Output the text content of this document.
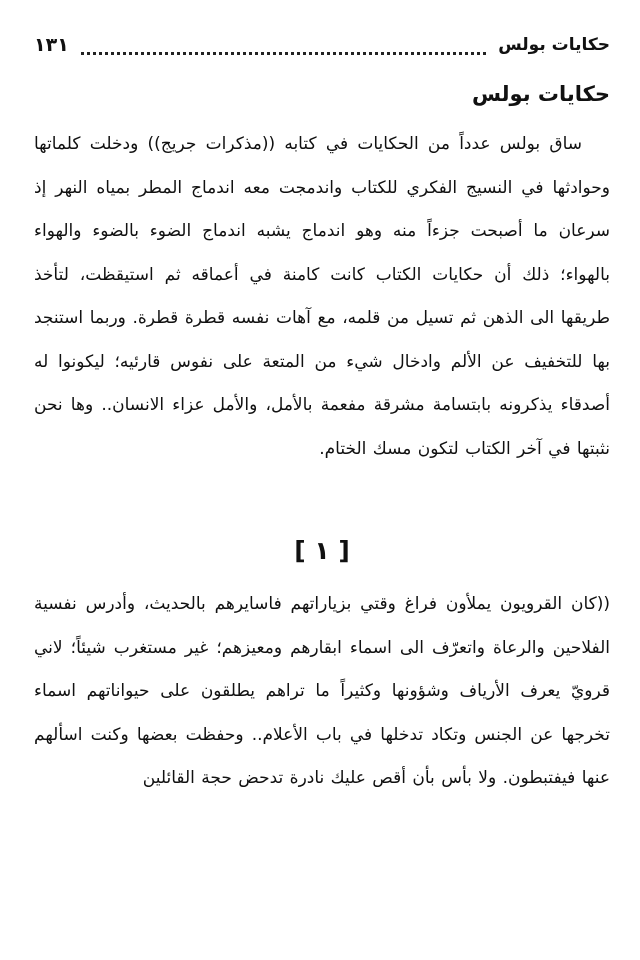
حكايات بولس
١٣١
حكايات بولس

ساق بولس عدداً من الحكايات في كتابه ((مذكرات جريج)) ودخلت كلماتها وحوادثها في النسيج الفكري للكتاب واندمجت معه اندماج المطر بمياه النهر إذ سرعان ما أصبحت جزءاً منه وهو اندماج يشبه اندماج الضوء بالضوء والهواء بالهواء؛ ذلك أن حكايات الكتاب كانت كامنة في أعماقه ثم استيقظت، لتأخذ طريقها الى الذهن ثم تسيل من قلمه، مع آهات نفسه قطرة قطرة. وربما استنجد بها للتخفيف عن الألم وادخال شيء من المتعة على نفوس قارئيه؛ ليكونوا له أصدقاء يذكرونه بابتسامة مشرقة مفعمة بالأمل، والأمل عزاء الانسان.. وها نحن نثبتها في آخر الكتاب لتكون مسك الختام.

[ ١ ]

((كان القرويون يملأون فراغ وقتي بزياراتهم فاسايرهم بالحديث، وأدرس نفسية الفلاحين والرعاة واتعرّف الى اسماء ابقارهم ومعيزهم؛ غير مستغرب شيئاً؛ لاني قرويّ يعرف الأرياف وشؤونها وكثيراً ما تراهم يطلقون على حيواناتهم اسماء تخرجها عن الجنس وتكاد تدخلها في باب الأعلام.. وحفظت بعضها وكنت اسألهم عنها فيفتبطون. ولا بأس بأن أقص عليك نادرة تدحض حجة القائلين
